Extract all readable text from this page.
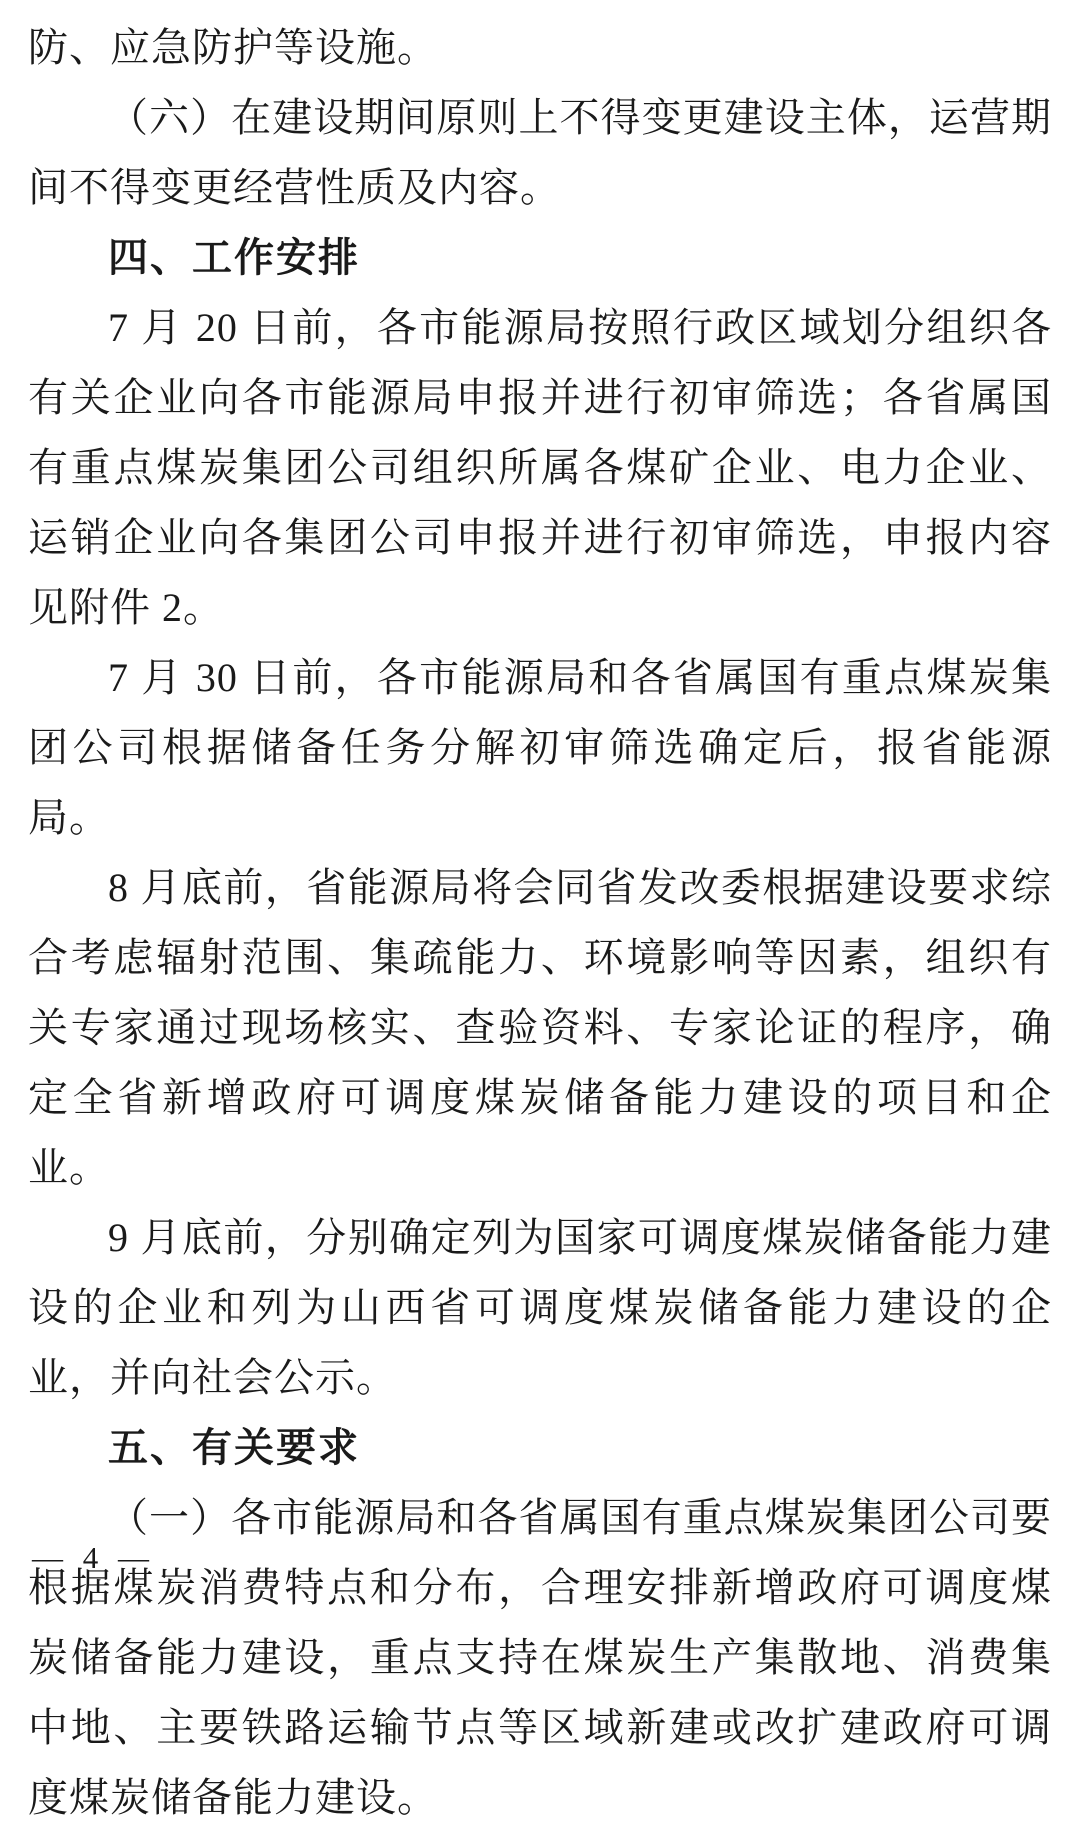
防、应急防护等设施。

（六）在建设期间原则上不得变更建设主体，运营期间不得变更经营性质及内容。

四、工作安排

7 月 20 日前，各市能源局按照行政区域划分组织各有关企业向各市能源局申报并进行初审筛选；各省属国有重点煤炭集团公司组织所属各煤矿企业、电力企业、运销企业向各集团公司申报并进行初审筛选，申报内容见附件 2。

7 月 30 日前，各市能源局和各省属国有重点煤炭集团公司根据储备任务分解初审筛选确定后，报省能源局。

8 月底前，省能源局将会同省发改委根据建设要求综合考虑辐射范围、集疏能力、环境影响等因素，组织有关专家通过现场核实、查验资料、专家论证的程序，确定全省新增政府可调度煤炭储备能力建设的项目和企业。

9 月底前，分别确定列为国家可调度煤炭储备能力建设的企业和列为山西省可调度煤炭储备能力建设的企业，并向社会公示。

五、有关要求

（一）各市能源局和各省属国有重点煤炭集团公司要根据煤炭消费特点和分布，合理安排新增政府可调度煤炭储备能力建设，重点支持在煤炭生产集散地、消费集中地、主要铁路运输节点等区域新建或改扩建政府可调度煤炭储备能力建设。

— 4 —
